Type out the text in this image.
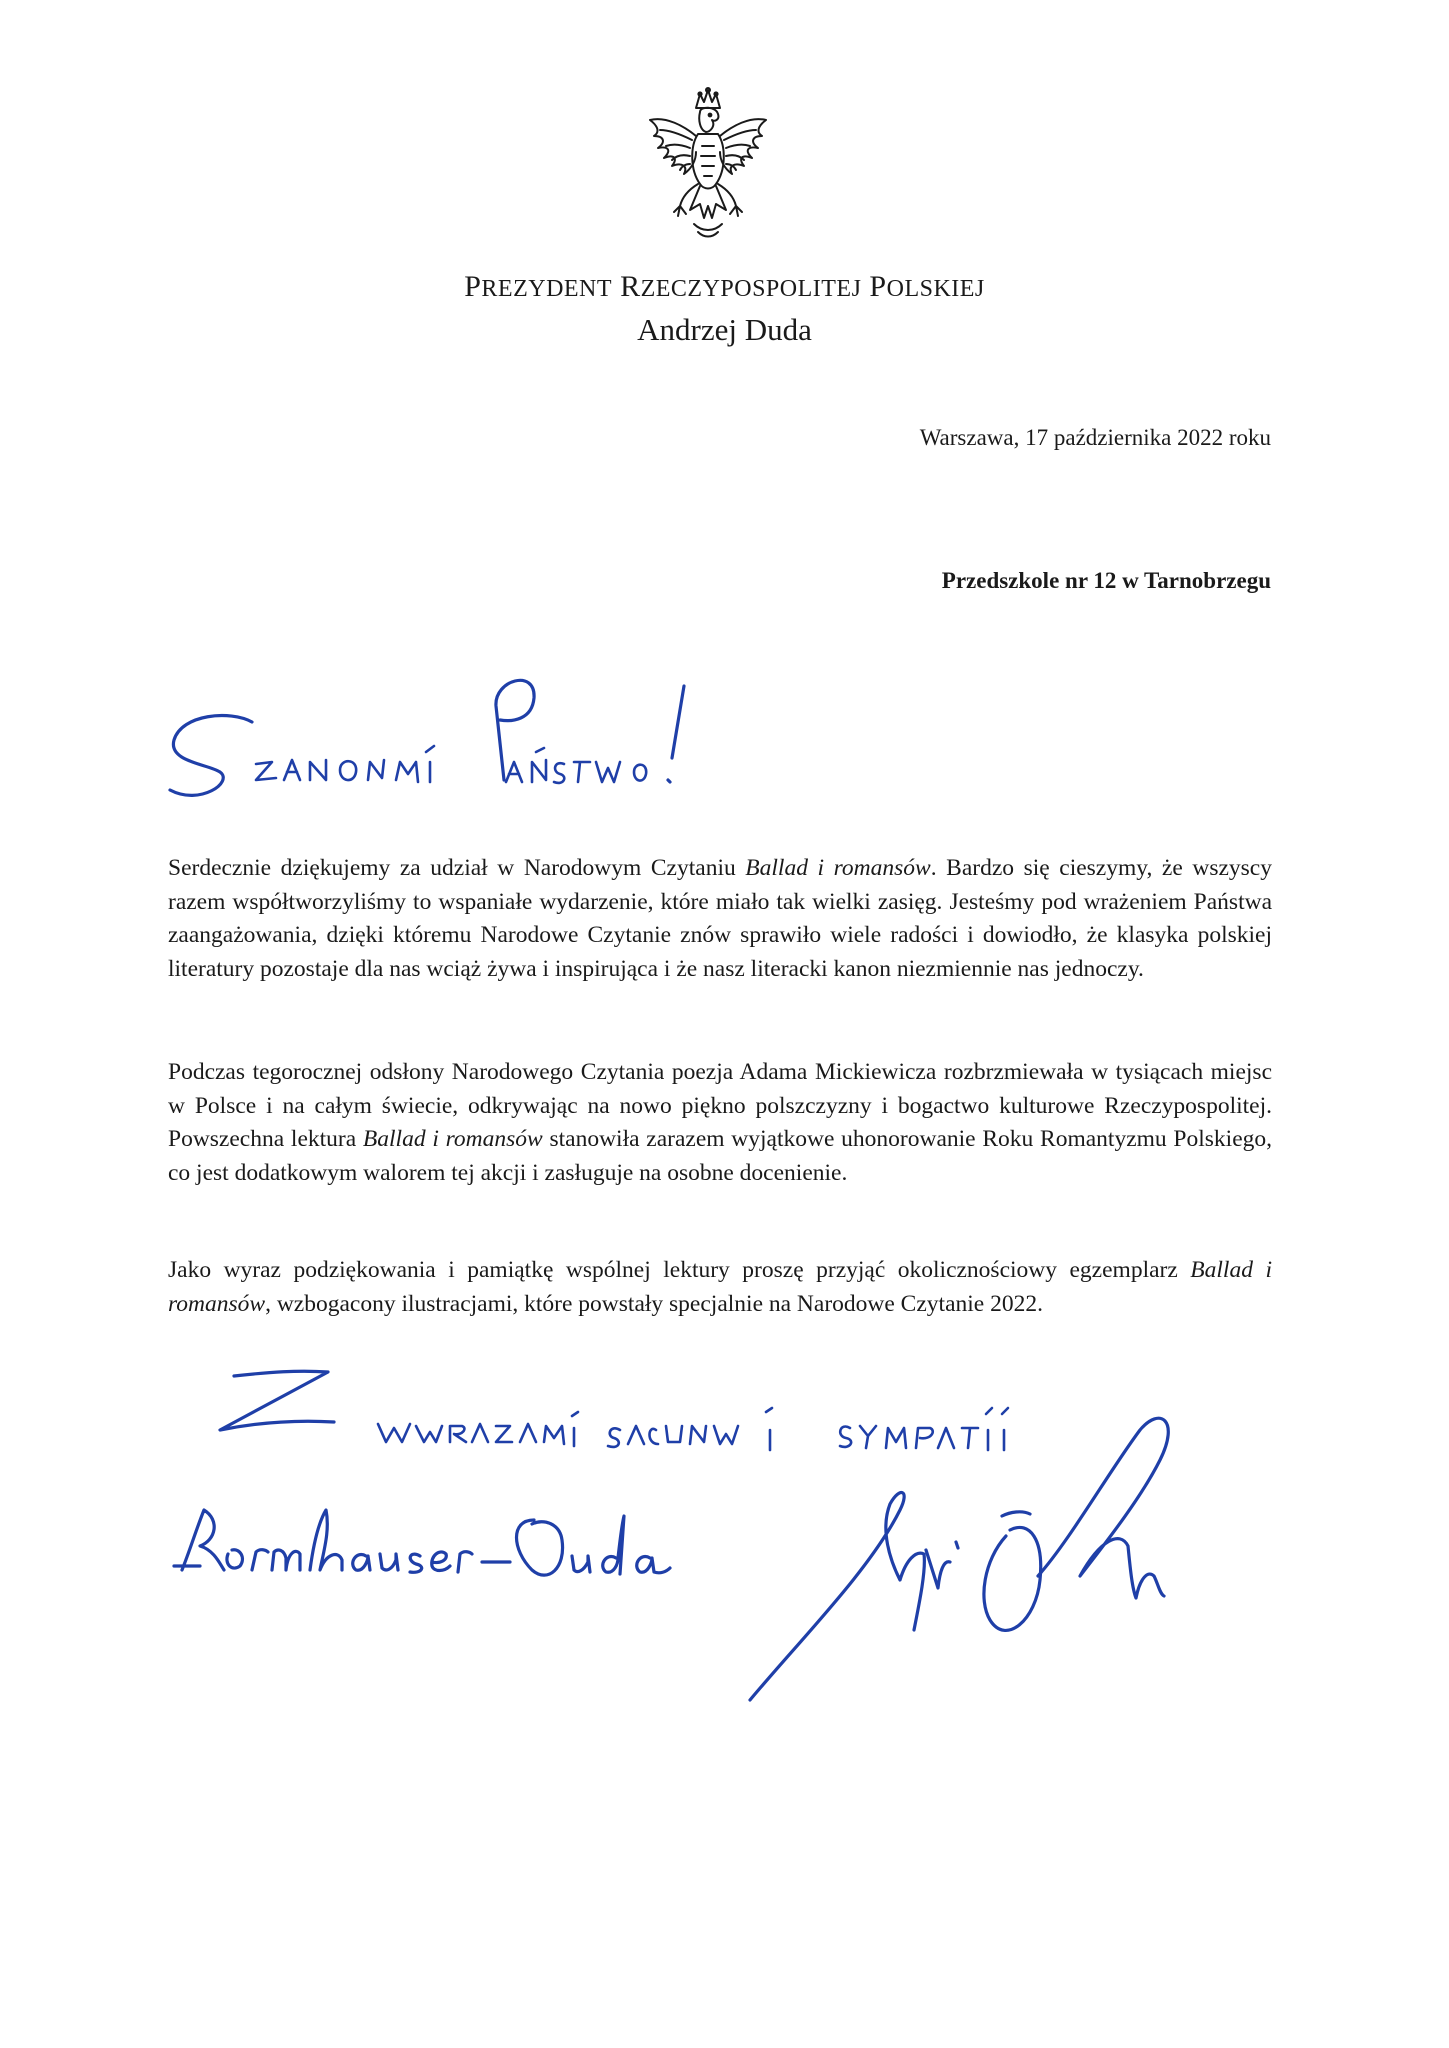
PREZYDENT RZECZYPOSPOLITEJ POLSKIEJ
Andrzej Duda
Warszawa, 17 października 2022 roku
Przedszkole nr 12 w Tarnobrzegu
Serdecznie dziękujemy za udział w Narodowym Czytaniu Ballad i romansów. Bardzo się cieszymy, że wszyscy razem współtworzyliśmy to wspaniałe wydarzenie, które miało tak wielki zasięg. Jesteśmy pod wrażeniem Państwa zaangażowania, dzięki któremu Narodowe Czytanie znów sprawiło wiele radości i dowiodło, że klasyka polskiej literatury pozostaje dla nas wciąż żywa i inspirująca i że nasz literacki kanon niezmiennie nas jednoczy.
Podczas tegorocznej odsłony Narodowego Czytania poezja Adama Mickiewicza rozbrzmiewała w tysiącach miejsc w Polsce i na całym świecie, odkrywając na nowo piękno polszczyzny i bogactwo kulturowe Rzeczypospolitej. Powszechna lektura Ballad i romansów stanowiła zarazem wyjątkowe uhonorowanie Roku Romantyzmu Polskiego, co jest dodatkowym walorem tej akcji i zasługuje na osobne docenienie.
Jako wyraz podziękowania i pamiątkę wspólnej lektury proszę przyjąć okolicznościowy egzemplarz Ballad i romansów, wzbogacony ilustracjami, które powstały specjalnie na Narodowe Czytanie 2022.
